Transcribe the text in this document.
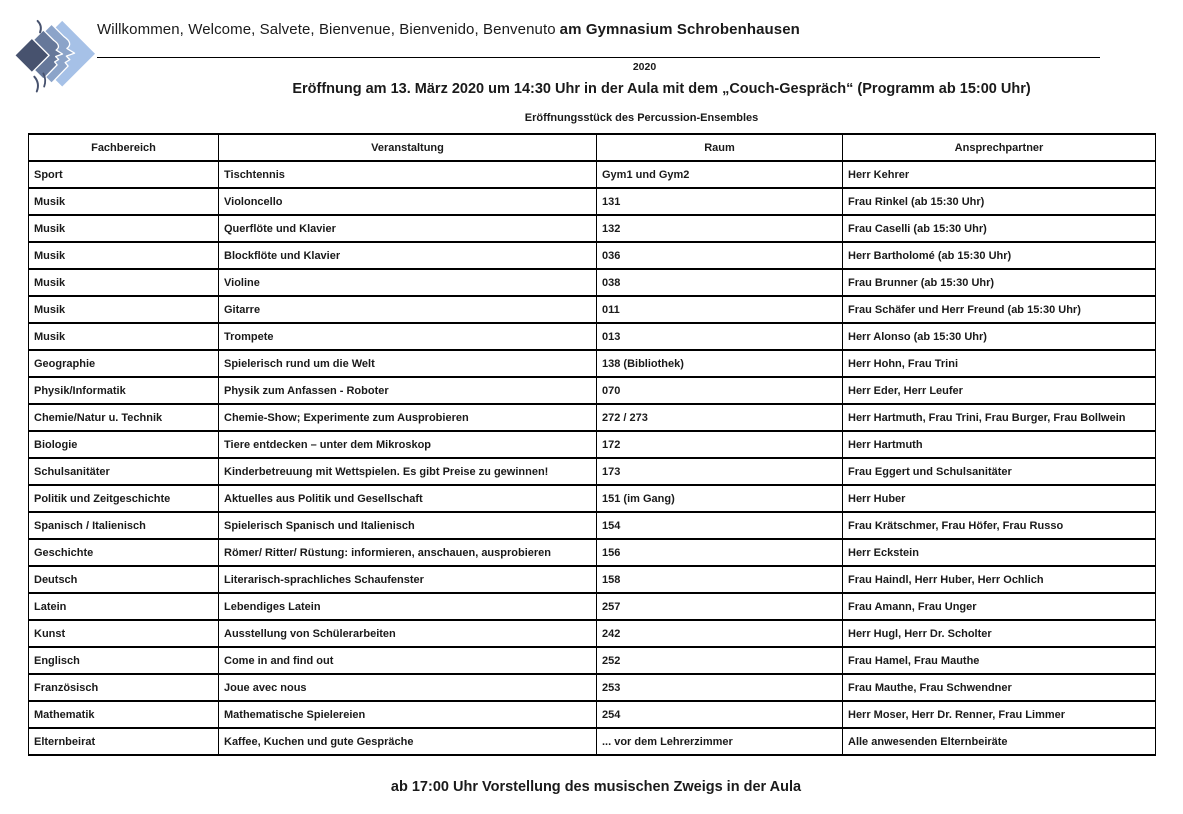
Willkommen, Welcome, Salvete, Bienvenue, Bienvenido, Benvenuto am Gymnasium Schrobenhausen
2020
Eröffnung am 13. März 2020 um 14:30 Uhr in der Aula mit dem „Couch-Gespräch“ (Programm ab 15:00 Uhr)
Eröffnungsstück des Percussion-Ensembles
Fachbereich	Veranstaltung	Raum	Ansprechpartner
Sport	Tischtennis	Gym1 und Gym2	Herr Kehrer
Musik	Violoncello	131	Frau Rinkel (ab 15:30 Uhr)
Musik	Querflöte und Klavier	132	Frau Caselli (ab 15:30 Uhr)
Musik	Blockflöte und Klavier	036	Herr Bartholomé (ab 15:30 Uhr)
Musik	Violine	038	Frau Brunner (ab 15:30 Uhr)
Musik	Gitarre	011	Frau Schäfer und Herr Freund (ab 15:30 Uhr)
Musik	Trompete	013	Herr Alonso (ab 15:30 Uhr)
Geographie	Spielerisch rund um die Welt	138 (Bibliothek)	Herr Hohn, Frau Trini
Physik/Informatik	Physik zum Anfassen - Roboter	070	Herr Eder, Herr Leufer
Chemie/Natur u. Technik	Chemie-Show; Experimente zum Ausprobieren	272 / 273	Herr Hartmuth, Frau Trini, Frau Burger, Frau Bollwein
Biologie	Tiere entdecken – unter dem Mikroskop	172	Herr Hartmuth
Schulsanitäter	Kinderbetreuung mit Wettspielen. Es gibt Preise zu gewinnen!	173	Frau Eggert und Schulsanitäter
Politik und Zeitgeschichte	Aktuelles aus Politik und Gesellschaft	151 (im Gang)	Herr Huber
Spanisch / Italienisch	Spielerisch Spanisch und Italienisch	154	Frau Krätschmer, Frau Höfer, Frau Russo
Geschichte	Römer/ Ritter/ Rüstung: informieren, anschauen, ausprobieren	156	Herr Eckstein
Deutsch	Literarisch-sprachliches Schaufenster	158	Frau Haindl, Herr Huber, Herr Ochlich
Latein	Lebendiges Latein	257	Frau Amann, Frau Unger
Kunst	Ausstellung von Schülerarbeiten	242	Herr Hugl, Herr Dr. Scholter
Englisch	Come in and find out	252	Frau Hamel, Frau Mauthe
Französisch	Joue avec nous	253	Frau Mauthe, Frau Schwendner
Mathematik	Mathematische Spielereien	254	Herr Moser, Herr Dr. Renner, Frau Limmer
Elternbeirat	Kaffee, Kuchen und gute Gespräche	... vor dem Lehrerzimmer	Alle anwesenden Elternbeiräte
ab 17:00 Uhr Vorstellung des musischen Zweigs in der Aula
